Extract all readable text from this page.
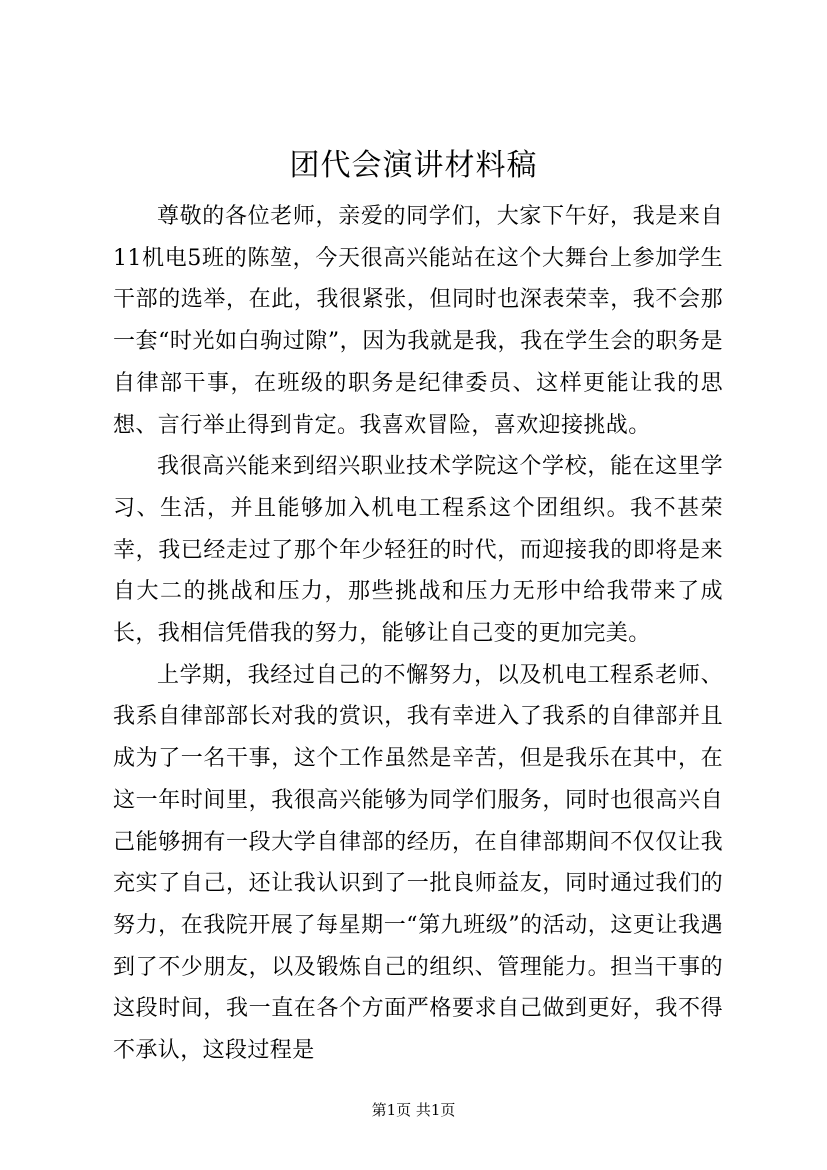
团代会演讲材料稿

尊敬的各位老师，亲爱的同学们，大家下午好，我是来自11机电5班的陈堃，今天很高兴能站在这个大舞台上参加学生干部的选举，在此，我很紧张，但同时也深表荣幸，我不会那一套“时光如白驹过隙”，因为我就是我，我在学生会的职务是自律部干事，在班级的职务是纪律委员、这样更能让我的思想、言行举止得到肯定。我喜欢冒险，喜欢迎接挑战。

我很高兴能来到绍兴职业技术学院这个学校，能在这里学习、生活，并且能够加入机电工程系这个团组织。我不甚荣幸，我已经走过了那个年少轻狂的时代，而迎接我的即将是来自大二的挑战和压力，那些挑战和压力无形中给我带来了成长，我相信凭借我的努力，能够让自己变的更加完美。

上学期，我经过自己的不懈努力，以及机电工程系老师、我系自律部部长对我的赏识，我有幸进入了我系的自律部并且成为了一名干事，这个工作虽然是辛苦，但是我乐在其中，在这一年时间里，我很高兴能够为同学们服务，同时也很高兴自己能够拥有一段大学自律部的经历，在自律部期间不仅仅让我充实了自己，还让我认识到了一批良师益友，同时通过我们的努力，在我院开展了每星期一“第九班级”的活动，这更让我遇到了不少朋友，以及锻炼自己的组织、管理能力。担当干事的这段时间，我一直在各个方面严格要求自己做到更好，我不得不承认，这段过程是

第1页 共1页
